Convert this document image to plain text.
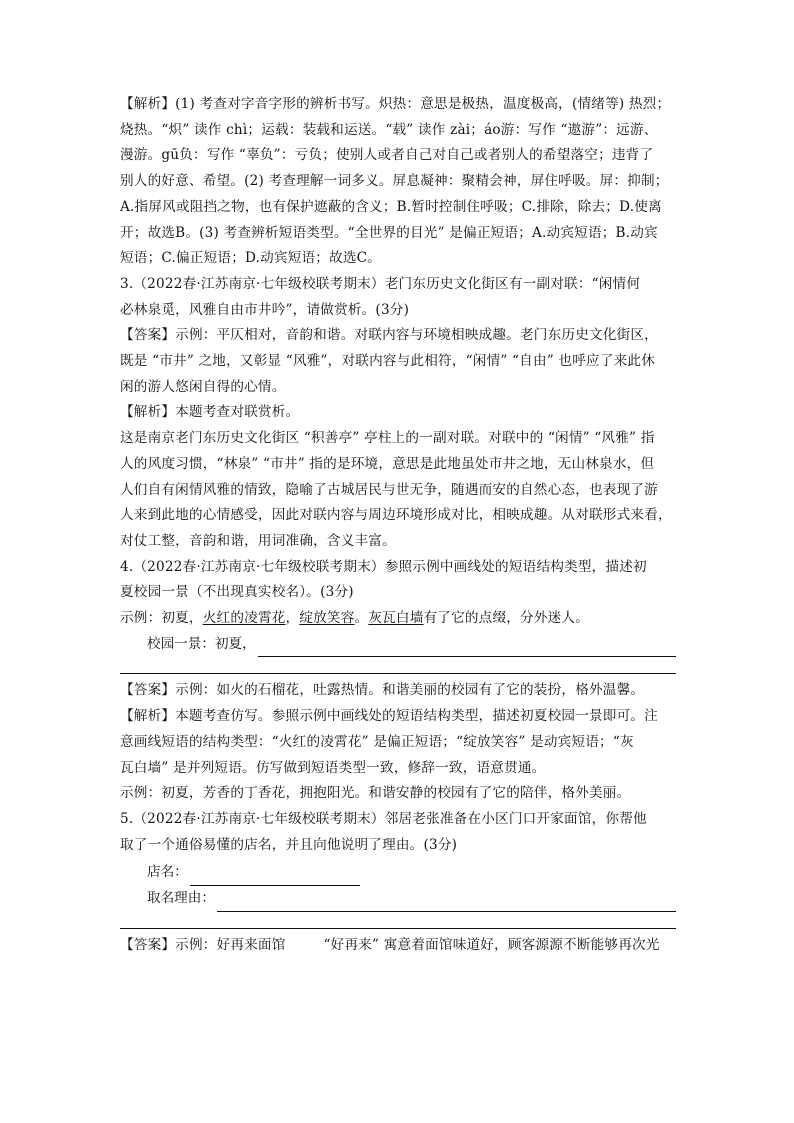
【解析】(1) 考查对字音字形的辨析书写。炽热：意思是极热，温度极高，(情绪等) 热烈；
烧热。“炽” 读作 chì；运载：装载和运送。“载” 读作 zài；áo游：写作 “遨游”：远游、
漫游。gū负：写作 “辜负”：亏负；使别人或者自己对自己或者别人的希望落空；违背了
别人的好意、希望。(2) 考查理解一词多义。屏息凝神：聚精会神，屏住呼吸。屏：抑制；
A.指屏风或阻挡之物，也有保护遮蔽的含义；B.暂时控制住呼吸；C.排除，除去；D.使离
开；故选B。(3) 考查辨析短语类型。“全世界的目光” 是偏正短语；A.动宾短语；B.动宾
短语；C.偏正短语；D.动宾短语；故选C。

3.（2022春·江苏南京·七年级校联考期末）老门东历史文化街区有一副对联：“闲情何
必林泉觅，风雅自由市井吟”，请做赏析。(3分)

【答案】示例：平仄相对，音韵和谐。对联内容与环境相映成趣。老门东历史文化街区，
既是 “市井” 之地，又彰显 “风雅”，对联内容与此相符，“闲情” “自由” 也呼应了来此休
闲的游人悠闲自得的心情。

【解析】本题考查对联赏析。
这是南京老门东历史文化街区 “积善亭” 亭柱上的一副对联。对联中的 “闲情” “风雅” 指
人的风度习惯，“林泉” “市井” 指的是环境，意思是此地虽处市井之地，无山林泉水，但
人们自有闲情风雅的情致，隐喻了古城居民与世无争，随遇而安的自然心态，也表现了游
人来到此地的心情感受，因此对联内容与周边环境形成对比，相映成趣。从对联形式来看，
对仗工整，音韵和谐，用词准确，含义丰富。

4.（2022春·江苏南京·七年级校联考期末）参照示例中画线处的短语结构类型，描述初
夏校园一景（不出现真实校名）。(3分)

示例：初夏，火红的凌霄花，绽放笑容。灰瓦白墙有了它的点缀，分外迷人。

校园一景：初夏，

【答案】示例：如火的石榴花，吐露热情。和谐美丽的校园有了它的装扮，格外温馨。

【解析】本题考查仿写。参照示例中画线处的短语结构类型，描述初夏校园一景即可。注
意画线短语的结构类型：“火红的凌霄花” 是偏正短语；“绽放笑容” 是动宾短语；“灰
瓦白墙” 是并列短语。仿写做到短语类型一致，修辞一致，语意贯通。
示例：初夏，芳香的丁香花，拥抱阳光。和谐安静的校园有了它的陪伴，格外美丽。

5.（2022春·江苏南京·七年级校联考期末）邻居老张准备在小区门口开家面馆，你帮他
取了一个通俗易懂的店名，并且向他说明了理由。(3分)

店名：
取名理由：

【答案】示例：好再来面馆	“好再来” 寓意着面馆味道好，顾客源源不断能够再次光
